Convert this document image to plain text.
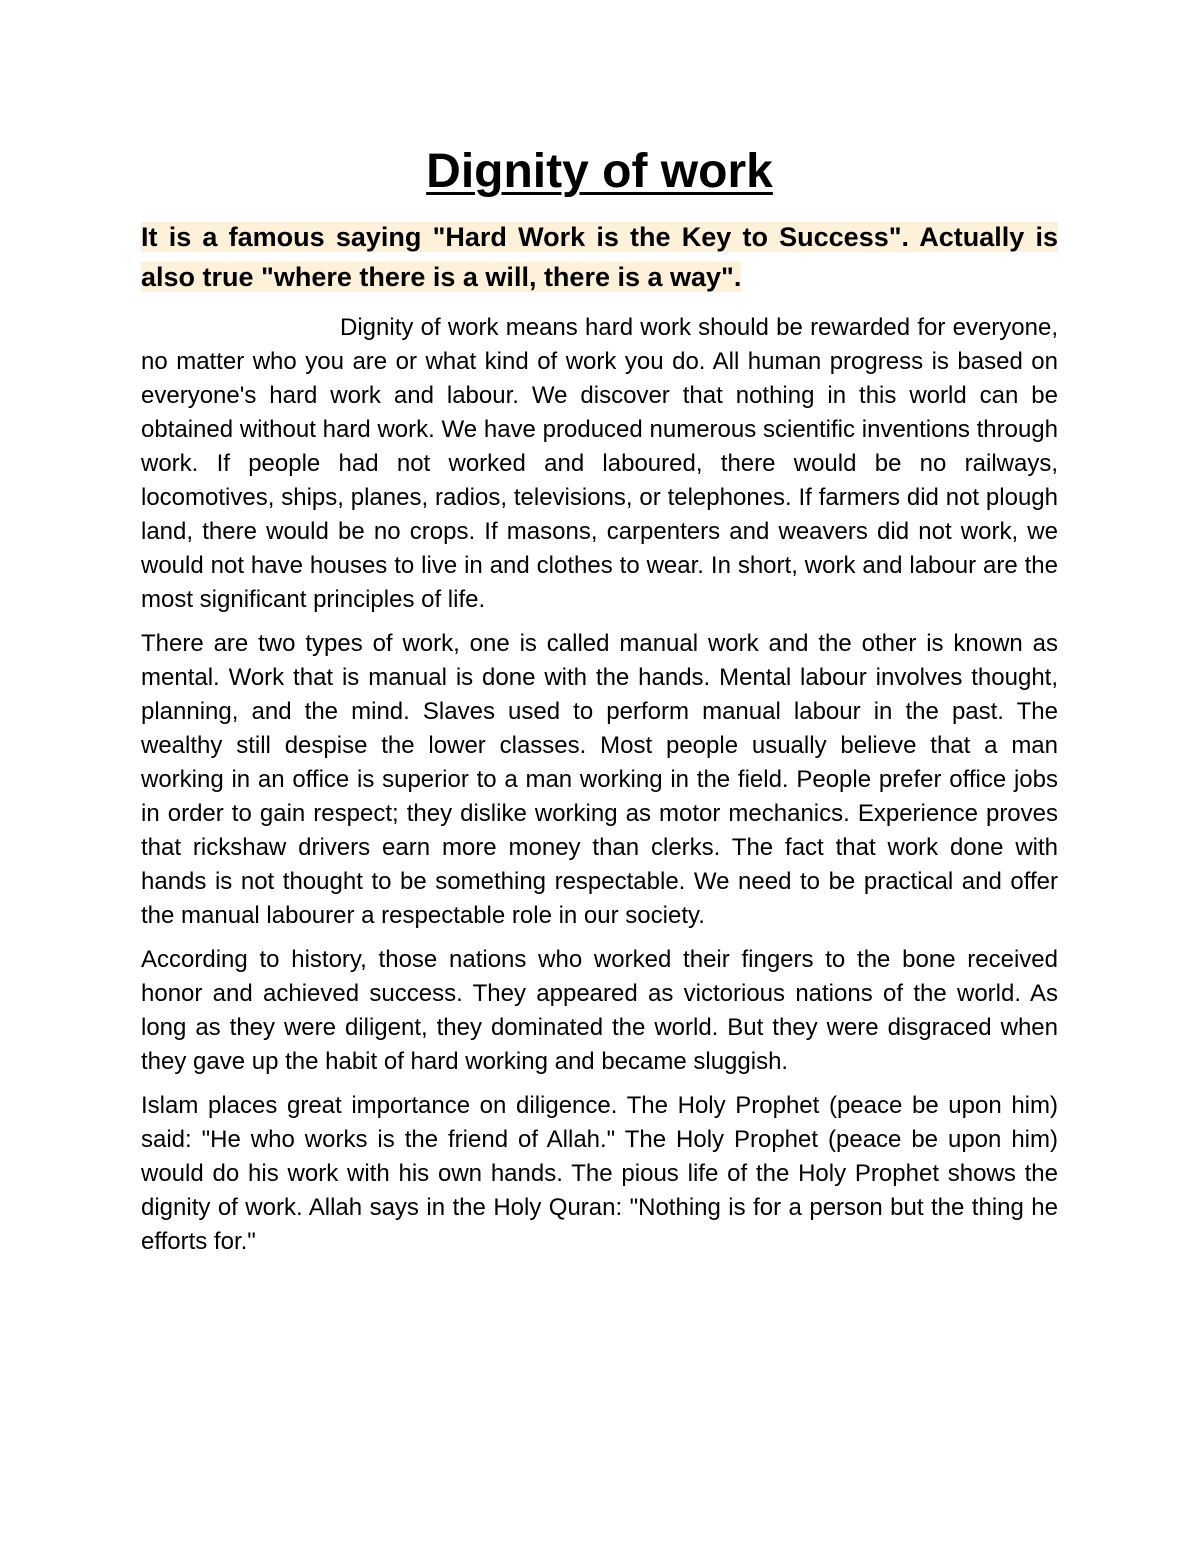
Dignity of work

It is a famous saying "Hard Work is the Key to Success". Actually is also true "where there is a will, there is a way".

Dignity of work means hard work should be rewarded for everyone, no matter who you are or what kind of work you do. All human progress is based on everyone's hard work and labour. We discover that nothing in this world can be obtained without hard work. We have produced numerous scientific inventions through work. If people had not worked and laboured, there would be no railways, locomotives, ships, planes, radios, televisions, or telephones. If farmers did not plough land, there would be no crops. If masons, carpenters and weavers did not work, we would not have houses to live in and clothes to wear. In short, work and labour are the most significant principles of life.

There are two types of work, one is called manual work and the other is known as mental. Work that is manual is done with the hands. Mental labour involves thought, planning, and the mind. Slaves used to perform manual labour in the past. The wealthy still despise the lower classes. Most people usually believe that a man working in an office is superior to a man working in the field. People prefer office jobs in order to gain respect; they dislike working as motor mechanics. Experience proves that rickshaw drivers earn more money than clerks. The fact that work done with hands is not thought to be something respectable. We need to be practical and offer the manual labourer a respectable role in our society.

According to history, those nations who worked their fingers to the bone received honor and achieved success. They appeared as victorious nations of the world. As long as they were diligent, they dominated the world. But they were disgraced when they gave up the habit of hard working and became sluggish.

Islam places great importance on diligence. The Holy Prophet (peace be upon him) said: "He who works is the friend of Allah." The Holy Prophet (peace be upon him) would do his work with his own hands. The pious life of the Holy Prophet shows the dignity of work. Allah says in the Holy Quran: "Nothing is for a person but the thing he efforts for."
